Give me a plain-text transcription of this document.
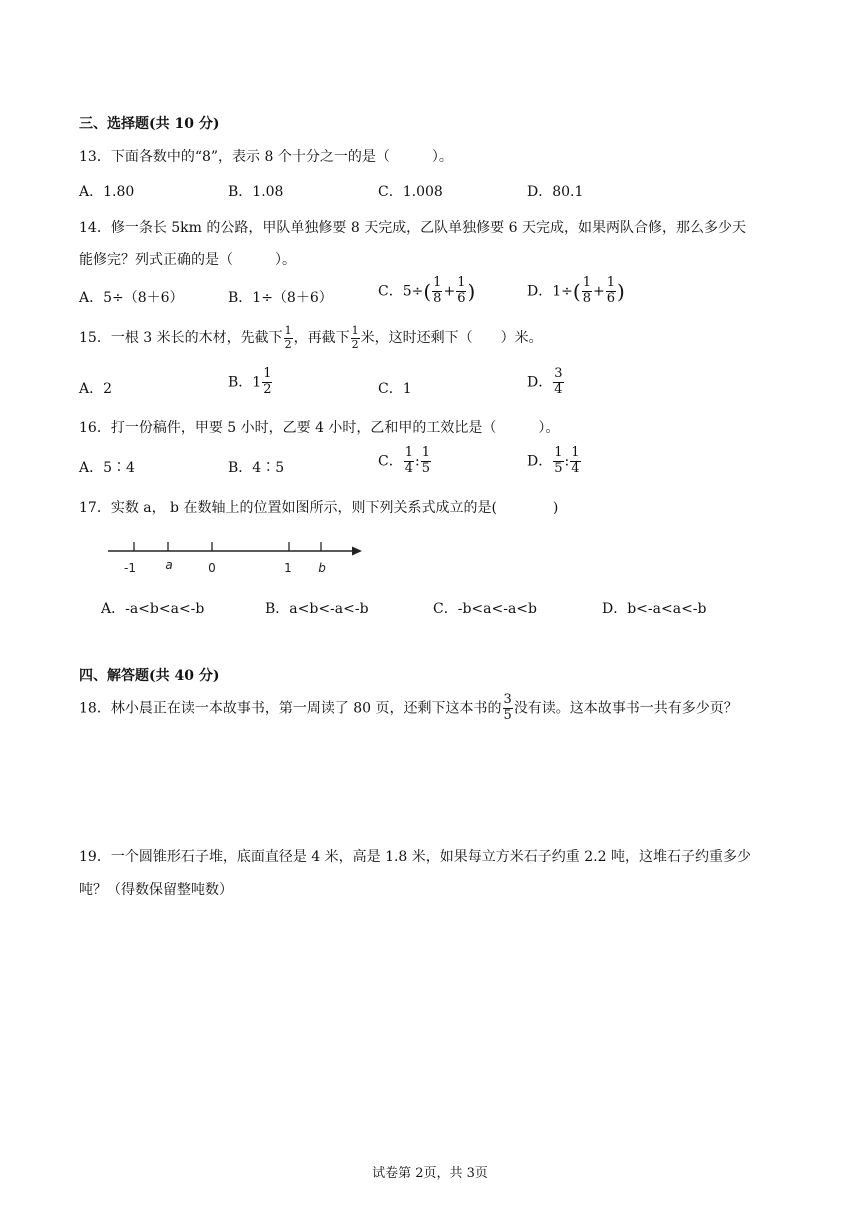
三、选择题(共 10 分)
13．下面各数中的“8”，表示 8 个十分之一的是（　　　）。
A．1.80	B．1.08	C．1.008	D．80.1
14．修一条长 5km 的公路，甲队单独修要 8 天完成，乙队单独修要 6 天完成，如果两队合修，那么多少天
能修完？列式正确的是（　　　）。
A．5÷（8＋6）	B．1÷（8＋6）	C．$5\div( \frac{1}{8} + \frac{1}{6}$ )	D．$1\div( \frac{1}{8} + \frac{1}{6}$ )
15．一根 3 米长的木材，先截下 $\frac{1}{2}$ ，再截下 $\frac{1}{2}$ 米，这时还剩下（　　）米。
A．2	B．$1 \frac{1}{2}$	C．1	D． $\frac{3}{4}$
16．打一份稿件，甲要 5 小时，乙要 4 小时，乙和甲的工效比是（　　　）。
A．5∶4	B．4∶5	C． $\frac{1}{4}$ : $\frac{1}{5}$	D． $\frac{1}{5}$ : $\frac{1}{4}$
17．实数 a， b 在数轴上的位置如图所示，则下列关系式成立的是(　　　　)
-1 a	0	1 b
A．-a<b<a<-b	B．a<b<-a<-b	C．-b<a<-a<b	D．b<-a<a<-b
四、解答题(共 40 分)
18．林小晨正在读一本故事书，第一周读了 80 页，还剩下这本书的 $\frac{3}{5}$ 没有读。这本故事书一共有多少页？
19．一个圆锥形石子堆，底面直径是 4 米，高是 1.8 米，如果每立方米石子约重 2.2 吨，这堆石子约重多少
吨？（得数保留整吨数）
试卷第 2页，共 3页
